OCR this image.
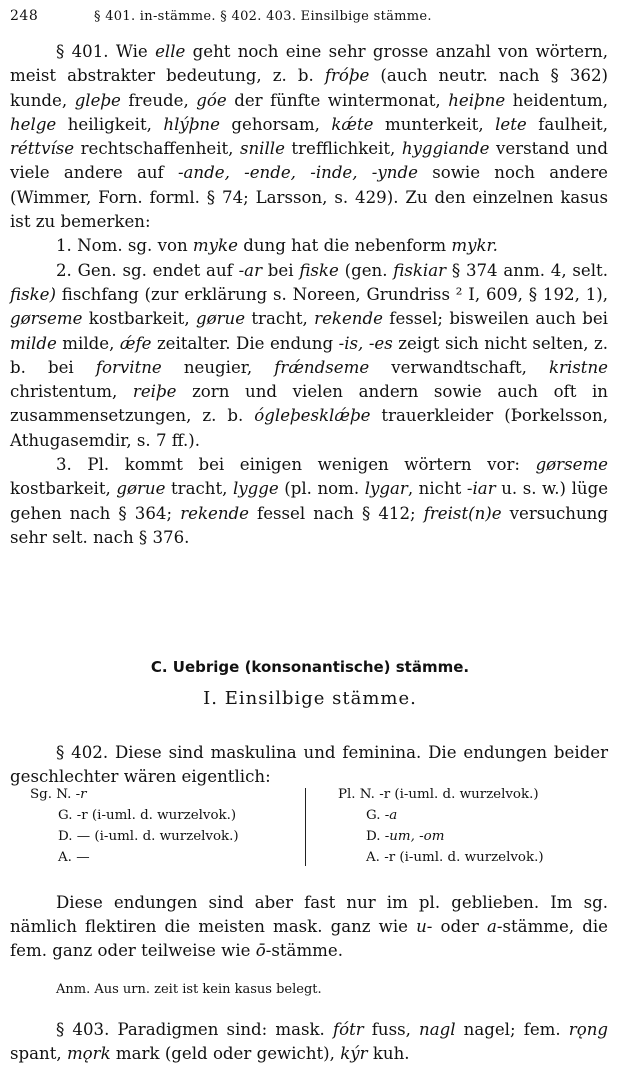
248	§ 401. in-stämme. § 402. 403. Einsilbige stämme.

§ 401. Wie elle geht noch eine sehr grosse anzahl von wörtern, meist abstrakter bedeutung, z. b. fróþe (auch neutr. nach § 362) kunde, gleþe freude, góe der fünfte wintermonat, heiþne heidentum, helge heiligkeit, hlýþne gehorsam, kǽte munterkeit, lete faulheit, réttvíse rechtschaffenheit, snille trefflichkeit, hyggiande verstand und viele andere auf -ande, -ende, -inde, -ynde sowie noch andere (Wimmer, Forn. forml. § 74; Larsson, s. 429). Zu den einzelnen kasus ist zu bemerken:

1. Nom. sg. von myke dung hat die nebenform mykr.

2. Gen. sg. endet auf -ar bei fiske (gen. fiskiar § 374 anm. 4, selt. fiske) fischfang (zur erklärung s. Noreen, Grundriss ² I, 609, § 192, 1), gørseme kostbarkeit, gørue tracht, rekende fessel; bisweilen auch bei milde milde, ǽfe zeitalter. Die endung -is, -es zeigt sich nicht selten, z. b. bei forvitne neugier, frǽndseme verwandtschaft, kristne christentum, reiþe zorn und vielen andern sowie auch oft in zusammensetzungen, z. b. óglеþesklǽþe trauerkleider (Þorkelsson, Athugasemdir, s. 7 ff.).

3. Pl. kommt bei einigen wenigen wörtern vor: gørseme kostbarkeit, gørue tracht, lygge (pl. nom. lygar, nicht -iar u. s. w.) lüge gehen nach § 364; rekende fessel nach § 412; freist(n)e versuchung sehr selt. nach § 376.

C. Uebrige (konsonantische) stämme.
I. Einsilbige stämme.

§ 402. Diese sind maskulina und feminina. Die endungen beider geschlechter wären eigentlich:

Sg. N. -r
G. -r (i-uml. d. wurzelvok.)
D. — (i-uml. d. wurzelvok.)
A. —
Pl. N. -r (i-uml. d. wurzelvok.)
G. -a
D. -um, -om
A. -r (i-uml. d. wurzelvok.)

Diese endungen sind aber fast nur im pl. geblieben. Im sg. nämlich flektiren die meisten mask. ganz wie u- oder a-stämme, die fem. ganz oder teilweise wie ō-stämme.

Anm. Aus urn. zeit ist kein kasus belegt.

§ 403. Paradigmen sind: mask. fótr fuss, nagl nagel; fem. rǫng spant, mǫrk mark (geld oder gewicht), kýr kuh.
